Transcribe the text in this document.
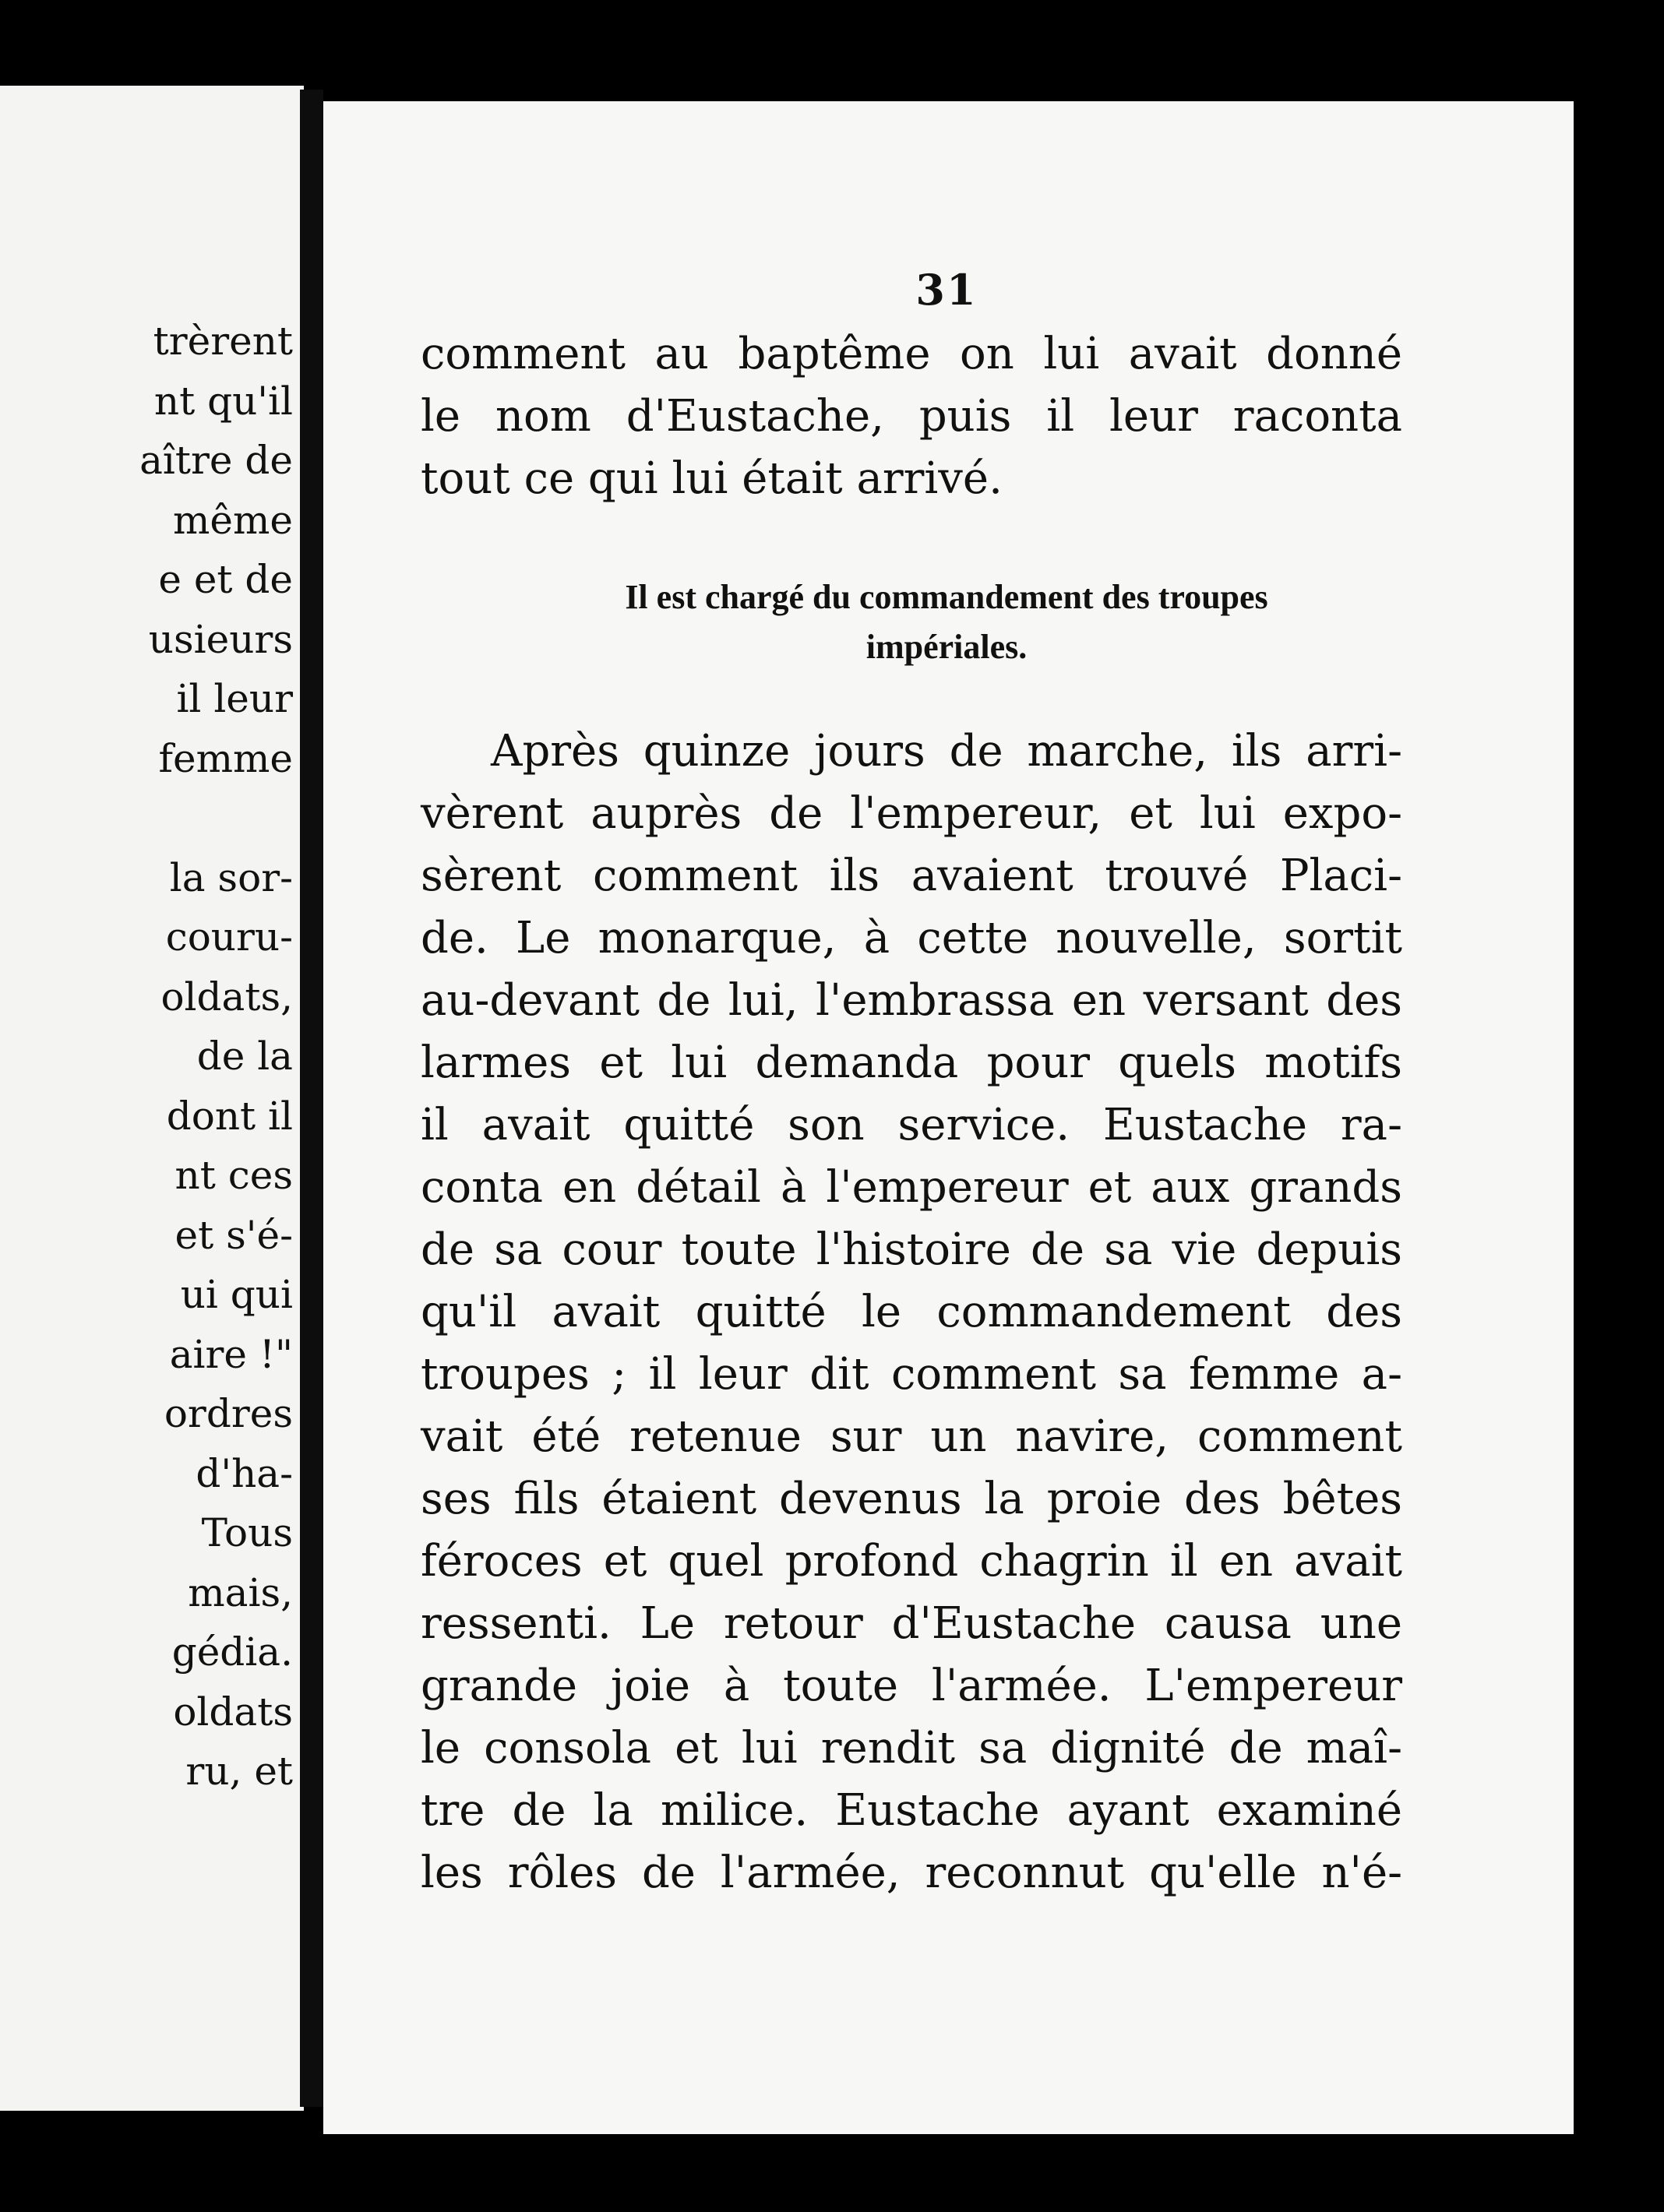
trèrent
nt qu'il
aître de
même
e et de
usieurs
il leur
femme
la sor-
couru-
oldats,
de la
dont il
nt ces
et s'é-
ui qui
aire !"
ordres
d'ha-
Tous
mais,
gédia.
oldats
ru, et
31
comment au baptême on lui avait donné
le nom d'Eustache, puis il leur raconta
tout ce qui lui était arrivé.
Il est chargé du commandement des troupes
impériales.
Après quinze jours de marche, ils arri-
vèrent auprès de l'empereur, et lui expo-
sèrent comment ils avaient trouvé Placi-
de. Le monarque, à cette nouvelle, sortit
au-devant de lui, l'embrassa en versant des
larmes et lui demanda pour quels motifs
il avait quitté son service. Eustache ra-
conta en détail à l'empereur et aux grands
de sa cour toute l'histoire de sa vie depuis
qu'il avait quitté le commandement des
troupes ; il leur dit comment sa femme a-
vait été retenue sur un navire, comment
ses fils étaient devenus la proie des bêtes
féroces et quel profond chagrin il en avait
ressenti. Le retour d'Eustache causa une
grande joie à toute l'armée. L'empereur
le consola et lui rendit sa dignité de maî-
tre de la milice. Eustache ayant examiné
les rôles de l'armée, reconnut qu'elle n'é-
